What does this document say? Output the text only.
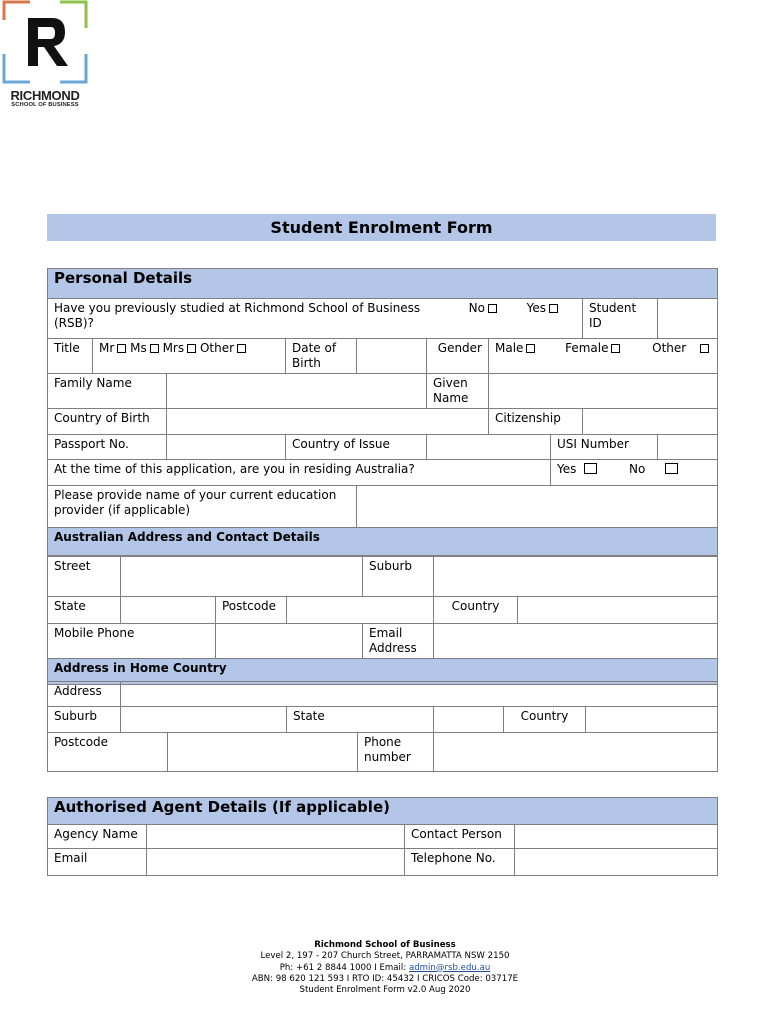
RICHMOND
SCHOOL OF BUSINESS
Student Enrolment Form
Personal Details									
Have you previously studied at Richmond School of Business (RSB)?					No Yes			Student ID	
Title	Mr Ms Mrs Other		Date of Birth		Gender	Male Female Other			
Family Name					Given Name				
Country of Birth						Citizenship			
Passport No.			Country of Issue				USI Number		
At the time of this application, are you in residing Australia?							Yes No		
Please provide name of your current education provider (if applicable)									
Australian Address and Contact Details									
Street				Suburb		
State		Postcode			Country	
Mobile Phone				Email Address		
Address in Home Country						
Address							
Suburb			State			Country	
Postcode				Phone number			
Authorised Agent Details (If applicable)			
Agency Name		Contact Person	
Email		Telephone No.	
Richmond School of Business
Level 2, 197 - 207 Church Street, PARRAMATTA NSW 2150
Ph: +61 2 8844 1000 I Email: admin@rsb.edu.au
ABN: 98 620 121 593 I RTO ID: 45432 I CRICOS Code: 03717E
Student Enrolment Form v2.0 Aug 2020
